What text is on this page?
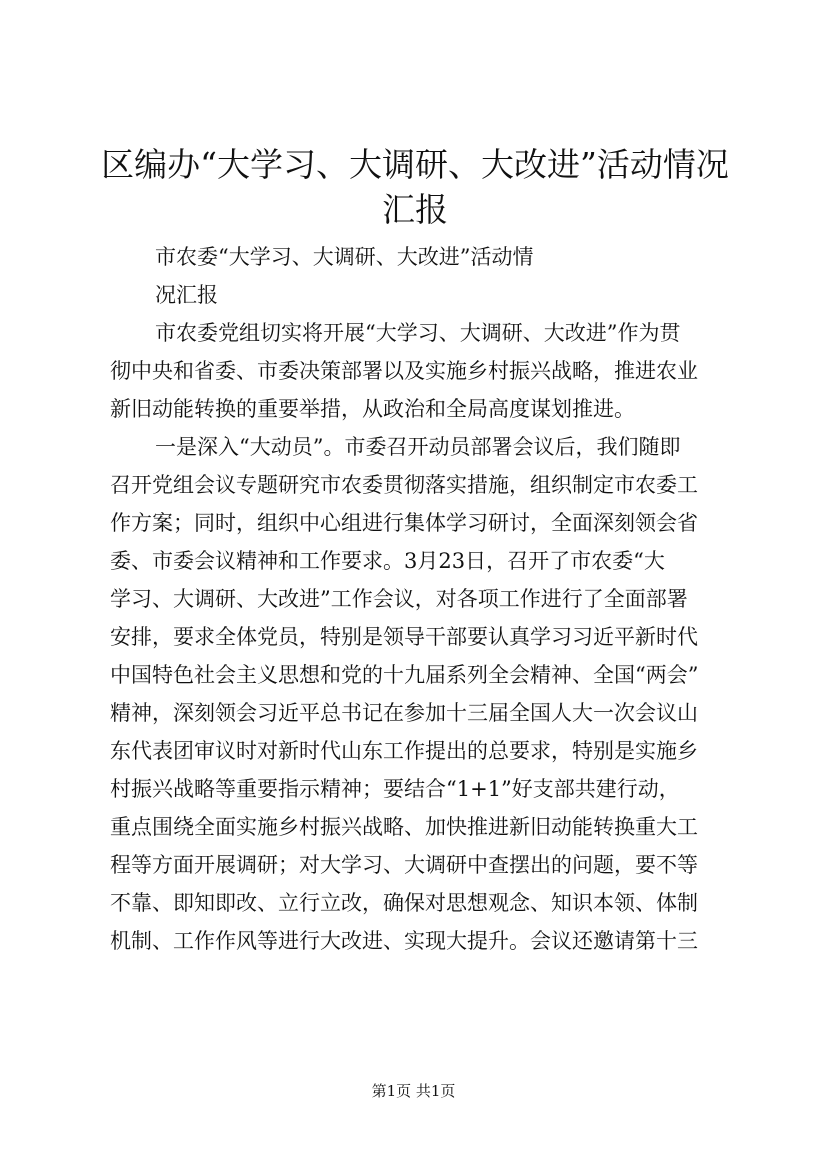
区编办“大学习、大调研、大改进”活动情况
汇报
市农委“大学习、大调研、大改进”活动情
况汇报
市农委党组切实将开展“大学习、大调研、大改进”作为贯
彻中央和省委、市委决策部署以及实施乡村振兴战略，推进农业
新旧动能转换的重要举措，从政治和全局高度谋划推进。
一是深入“大动员”。市委召开动员部署会议后，我们随即
召开党组会议专题研究市农委贯彻落实措施，组织制定市农委工
作方案；同时，组织中心组进行集体学习研讨，全面深刻领会省
委、市委会议精神和工作要求。3月23日，召开了市农委“大
学习、大调研、大改进”工作会议，对各项工作进行了全面部署
安排，要求全体党员，特别是领导干部要认真学习习近平新时代
中国特色社会主义思想和党的十九届系列全会精神、全国“两会”
精神，深刻领会习近平总书记在参加十三届全国人大一次会议山
东代表团审议时对新时代山东工作提出的总要求，特别是实施乡
村振兴战略等重要指示精神；要结合“1+1”好支部共建行动，
重点围绕全面实施乡村振兴战略、加快推进新旧动能转换重大工
程等方面开展调研；对大学习、大调研中查摆出的问题，要不等
不靠、即知即改、立行立改，确保对思想观念、知识本领、体制
机制、工作作风等进行大改进、实现大提升。会议还邀请第十三
第1页 共1页
